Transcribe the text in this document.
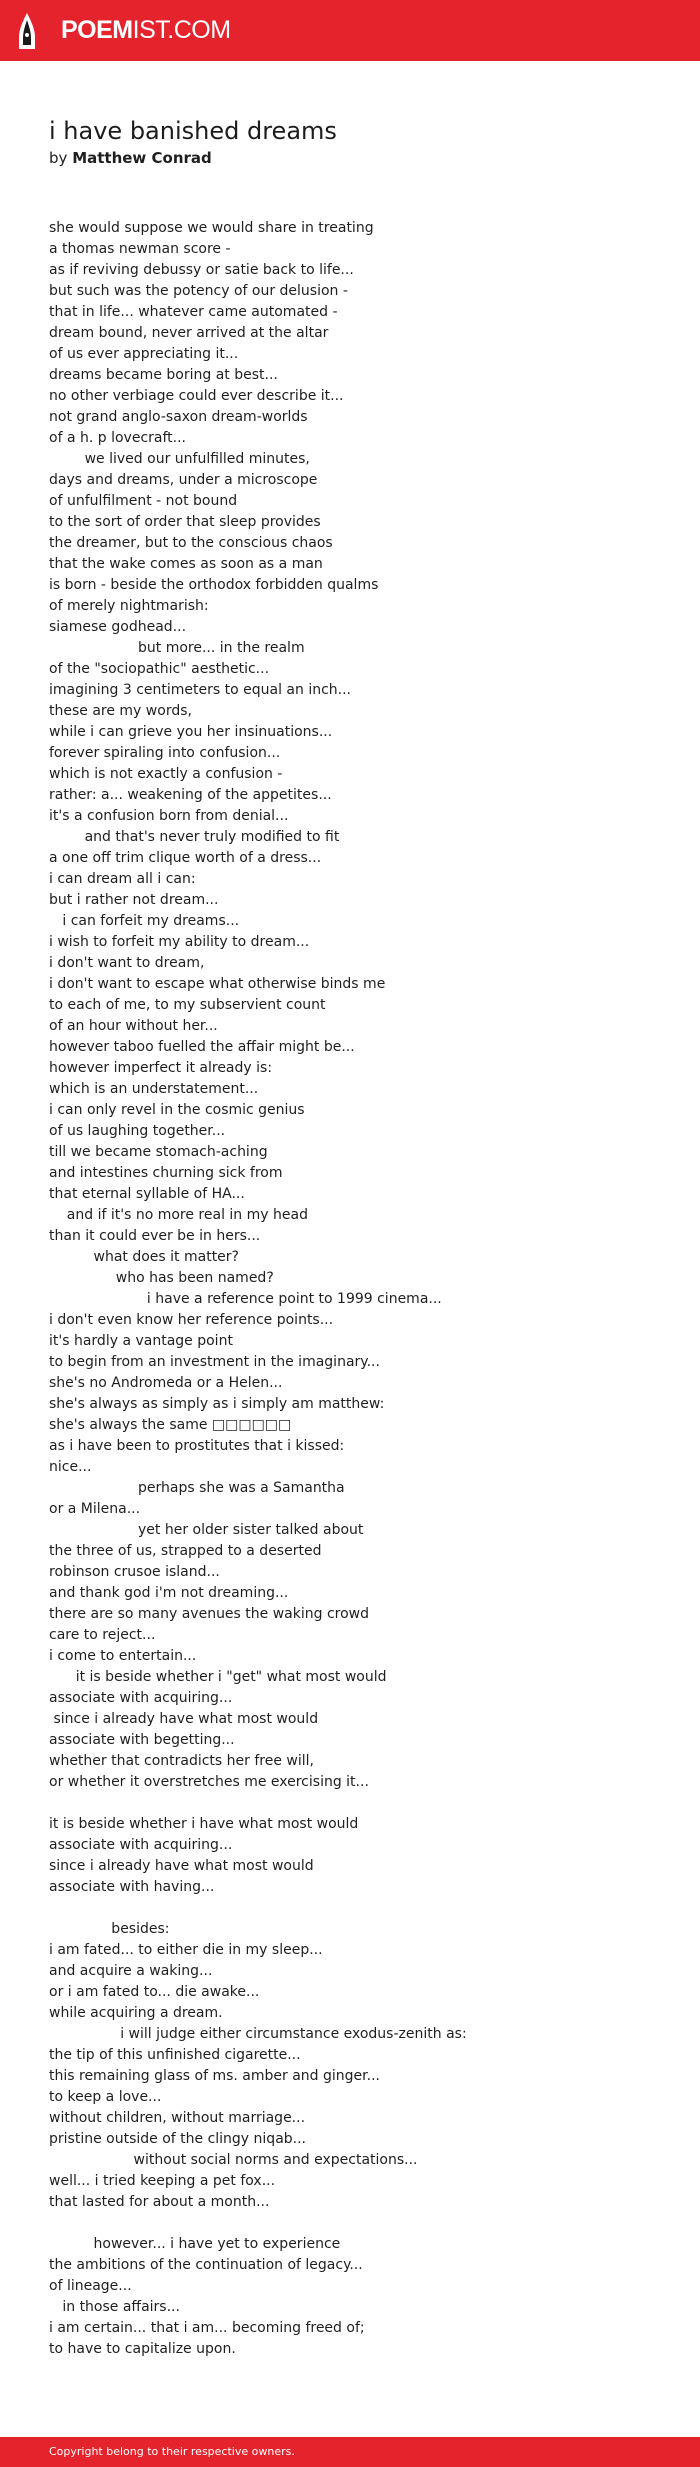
POEMIST.COM
i have banished dreams
by Matthew Conrad
she would suppose we would share in treating
a thomas newman score -
as if reviving debussy or satie back to life...
but such was the potency of our delusion -
that in life... whatever came automated -
dream bound, never arrived at the altar
of us ever appreciating it...
dreams became boring at best...
no other verbiage could ever describe it...
not grand anglo-saxon dream-worlds
of a h. p lovecraft...
we lived our unfulfilled minutes,
days and dreams, under a microscope
of unfulfilment - not bound
to the sort of order that sleep provides
the dreamer, but to the conscious chaos
that the wake comes as soon as a man
is born - beside the orthodox forbidden qualms
of merely nightmarish:
siamese godhead...
but more... in the realm
of the "sociopathic" aesthetic...
imagining 3 centimeters to equal an inch...
these are my words,
while i can grieve you her insinuations...
forever spiraling into confusion...
which is not exactly a confusion -
rather: a... weakening of the appetites...
it's a confusion born from denial...
and that's never truly modified to fit
a one off trim clique worth of a dress...
i can dream all i can:
but i rather not dream...
i can forfeit my dreams...
i wish to forfeit my ability to dream...
i don't want to dream,
i don't want to escape what otherwise binds me
to each of me, to my subservient count
of an hour without her...
however taboo fuelled the affair might be...
however imperfect it already is:
which is an understatement...
i can only revel in the cosmic genius
of us laughing together...
till we became stomach-aching
and intestines churning sick from
that eternal syllable of HA...
and if it's no more real in my head
than it could ever be in hers...
what does it matter?
who has been named?
i have a reference point to 1999 cinema...
i don't even know her reference points...
it's hardly a vantage point
to begin from an investment in the imaginary...
she's no Andromeda or a Helen...
she's always as simply as i simply am matthew:
she's always the same □□□□□□
as i have been to prostitutes that i kissed:
nice...
perhaps she was a Samantha
or a Milena...
yet her older sister talked about
the three of us, strapped to a deserted
robinson crusoe island...
and thank god i'm not dreaming...
there are so many avenues the waking crowd
care to reject...
i come to entertain...
it is beside whether i "get" what most would
associate with acquiring...
since i already have what most would
associate with begetting...
whether that contradicts her free will,
or whether it overstretches me exercising it...
it is beside whether i have what most would
associate with acquiring...
since i already have what most would
associate with having...
besides:
i am fated... to either die in my sleep...
and acquire a waking...
or i am fated to... die awake...
while acquiring a dream.
i will judge either circumstance exodus-zenith as:
the tip of this unfinished cigarette...
this remaining glass of ms. amber and ginger...
to keep a love...
without children, without marriage...
pristine outside of the clingy niqab...
without social norms and expectations...
well... i tried keeping a pet fox...
that lasted for about a month...
however... i have yet to experience
the ambitions of the continuation of legacy...
of lineage...
in those affairs...
i am certain... that i am... becoming freed of;
to have to capitalize upon.
Copyright belong to their respective owners.
